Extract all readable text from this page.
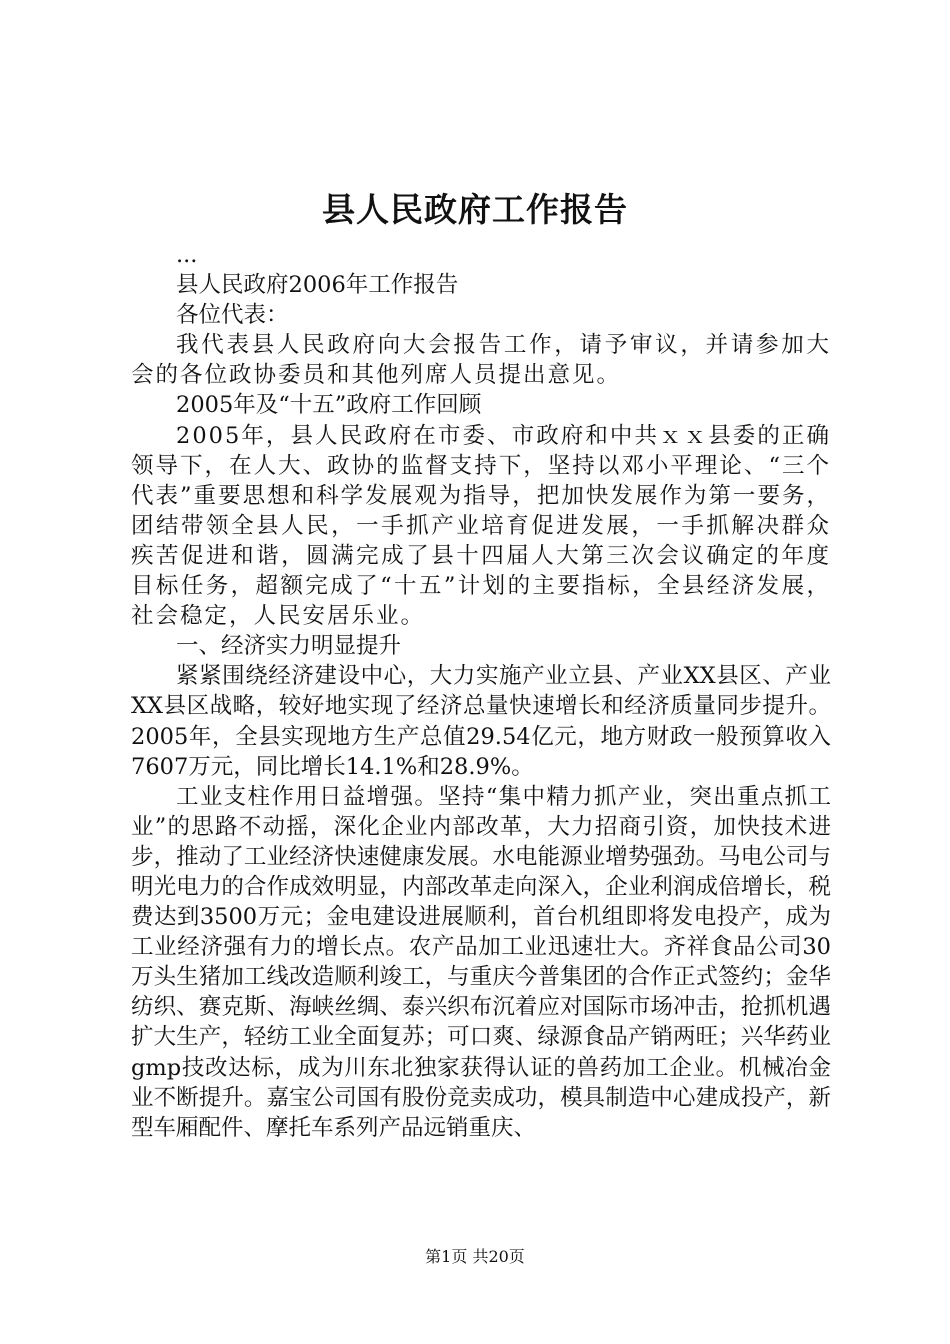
县人民政府工作报告

...

县人民政府2006年工作报告

各位代表：

我代表县人民政府向大会报告工作，请予审议，并请参加大会的各位政协委员和其他列席人员提出意见。

2005年及“十五”政府工作回顾

2005年，县人民政府在市委、市政府和中共ｘｘ县委的正确领导下，在人大、政协的监督支持下，坚持以邓小平理论、“三个代表”重要思想和科学发展观为指导，把加快发展作为第一要务，团结带领全县人民，一手抓产业培育促进发展，一手抓解决群众疾苦促进和谐，圆满完成了县十四届人大第三次会议确定的年度目标任务，超额完成了“十五”计划的主要指标，全县经济发展，社会稳定，人民安居乐业。

一、经济实力明显提升

紧紧围绕经济建设中心，大力实施产业立县、产业XX县区、产业XX县区战略，较好地实现了经济总量快速增长和经济质量同步提升。2005年，全县实现地方生产总值29.54亿元，地方财政一般预算收入7607万元，同比增长14.1%和28.9%。

工业支柱作用日益增强。坚持“集中精力抓产业，突出重点抓工业”的思路不动摇，深化企业内部改革，大力招商引资，加快技术进步，推动了工业经济快速健康发展。水电能源业增势强劲。马电公司与明光电力的合作成效明显，内部改革走向深入，企业利润成倍增长，税费达到3500万元；金电建设进展顺利，首台机组即将发电投产，成为工业经济强有力的增长点。农产品加工业迅速壮大。齐祥食品公司30万头生猪加工线改造顺利竣工，与重庆今普集团的合作正式签约；金华纺织、赛克斯、海峡丝绸、泰兴织布沉着应对国际市场冲击，抢抓机遇扩大生产，轻纺工业全面复苏；可口爽、绿源食品产销两旺；兴华药业gmp技改达标，成为川东北独家获得认证的兽药加工企业。机械冶金业不断提升。嘉宝公司国有股份竞卖成功，模具制造中心建成投产，新型车厢配件、摩托车系列产品远销重庆、

第1页 共20页
